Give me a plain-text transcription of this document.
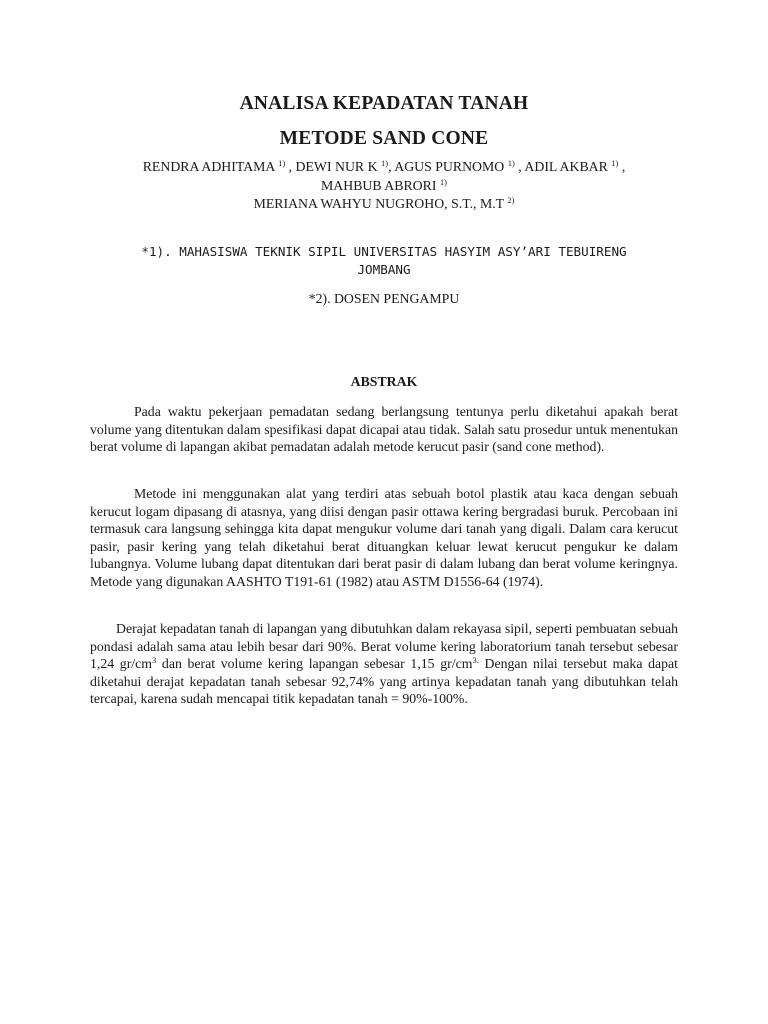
ANALISA KEPADATAN TANAH
METODE SAND CONE
RENDRA ADHITAMA $^{1)}$ , DEWI NUR K $^{1)}$, AGUS PURNOMO $^{1)}$ , ADIL AKBAR $^{1)}$ ,
MAHBUB ABRORI $^{1)}$
MERIANA WAHYU NUGROHO, S.T., M.T $^{2)}$
*1). MAHASISWA TEKNIK SIPIL UNIVERSITAS HASYIM ASY’ARI TEBUIRENG
JOMBANG
*2). DOSEN PENGAMPU
ABSTRAK

Pada waktu pekerjaan pemadatan sedang berlangsung tentunya perlu diketahui apakah berat volume yang ditentukan dalam spesifikasi dapat dicapai atau tidak. Salah satu prosedur untuk menentukan berat volume di lapangan akibat pemadatan adalah metode kerucut pasir (sand cone method).

Metode ini menggunakan alat yang terdiri atas sebuah botol plastik atau kaca dengan sebuah kerucut logam dipasang di atasnya, yang diisi dengan pasir ottawa kering bergradasi buruk. Percobaan ini termasuk cara langsung sehingga kita dapat mengukur volume dari tanah yang digali. Dalam cara kerucut pasir, pasir kering yang telah diketahui berat dituangkan keluar lewat kerucut pengukur ke dalam lubangnya. Volume lubang dapat ditentukan dari berat pasir di dalam lubang dan berat volume keringnya. Metode yang digunakan AASHTO T191-61 (1982) atau ASTM D1556-64 (1974).

Derajat kepadatan tanah di lapangan yang dibutuhkan dalam rekayasa sipil, seperti pembuatan sebuah pondasi adalah sama atau lebih besar dari 90%. Berat volume kering laboratorium tanah tersebut sebesar 1,24 $gr/cm^3$ dan berat volume kering lapangan sebesar 1,15 $gr/cm^{3.}$ Dengan nilai tersebut maka dapat diketahui derajat kepadatan tanah sebesar 92,74% yang artinya kepadatan tanah yang dibutuhkan telah tercapai, karena sudah mencapai titik kepadatan tanah = 90%-100%.
